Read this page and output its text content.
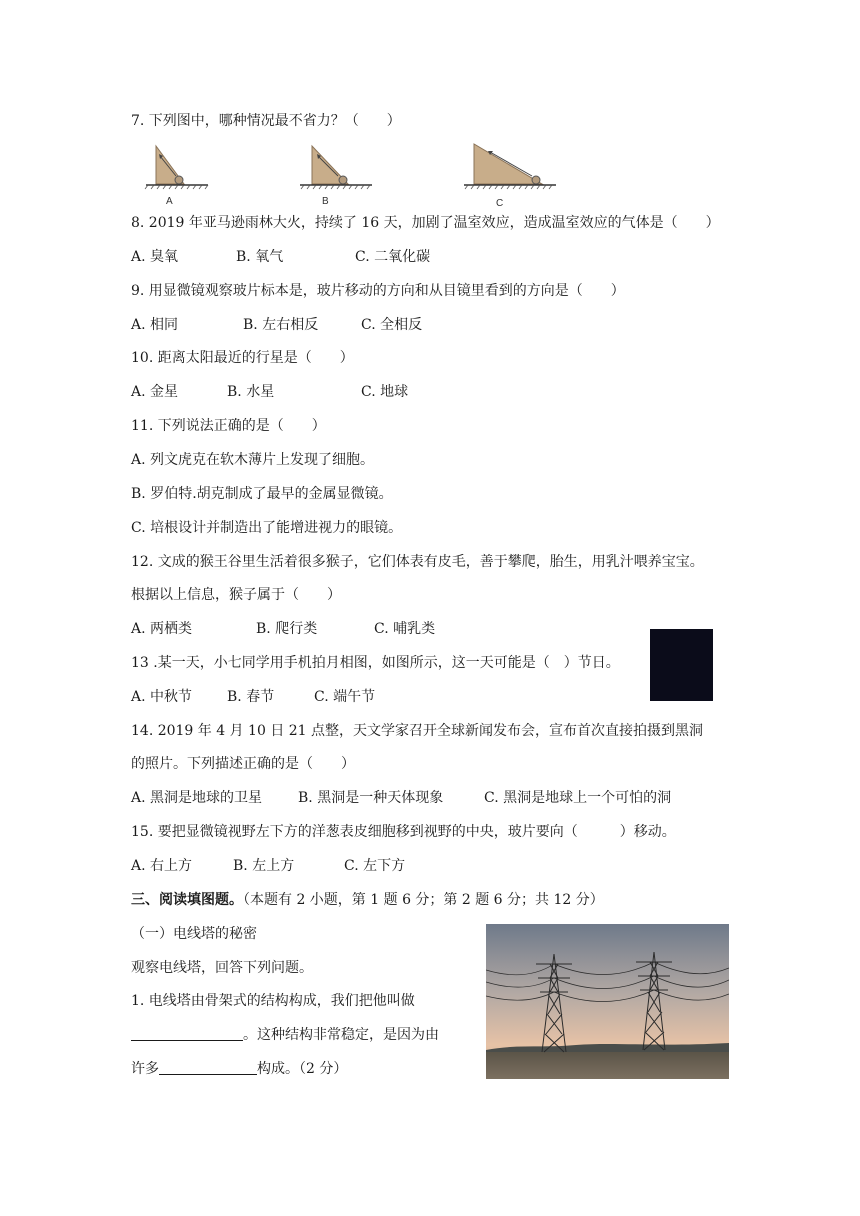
7. 下列图中，哪种情况最不省力？（　　）
A	B	C
8. 2019 年亚马逊雨林大火，持续了 16 天，加剧了温室效应，造成温室效应的气体是（　　）
A. 臭氧	B. 氧气	C. 二氧化碳
9. 用显微镜观察玻片标本是，玻片移动的方向和从目镜里看到的方向是（　　）
A. 相同	B. 左右相反	C. 全相反
10. 距离太阳最近的行星是（　　）
A. 金星	B. 水星	C. 地球
11. 下列说法正确的是（　　）
A. 列文虎克在软木薄片上发现了细胞。
B. 罗伯特.胡克制成了最早的金属显微镜。
C. 培根设计并制造出了能增进视力的眼镜。
12. 文成的猴王谷里生活着很多猴子，它们体表有皮毛，善于攀爬，胎生，用乳汁喂养宝宝。
根据以上信息，猴子属于（　　）
A. 两栖类	B. 爬行类	C. 哺乳类
13 .某一天，小七同学用手机拍月相图，如图所示，这一天可能是（　）节日。
A. 中秋节 B. 春节	C. 端午节
14. 2019 年 4 月 10 日 21 点整，天文学家召开全球新闻发布会，宣布首次直接拍摄到黑洞
的照片。下列描述正确的是（　　）
A. 黑洞是地球的卫星	B. 黑洞是一种天体现象	C. 黑洞是地球上一个可怕的洞
15. 要把显微镜视野左下方的洋葱表皮细胞移到视野的中央，玻片要向（　　　）移动。
A. 右上方	B. 左上方	C. 左下方
三、阅读填图题。（本题有 2 小题，第 1 题 6 分；第 2 题 6 分；共 12 分）
（一）电线塔的秘密
观察电线塔，回答下列问题。
1. 电线塔由骨架式的结构构成，我们把他叫做
。这种结构非常稳定，是因为由
许多	构成。（2 分）
